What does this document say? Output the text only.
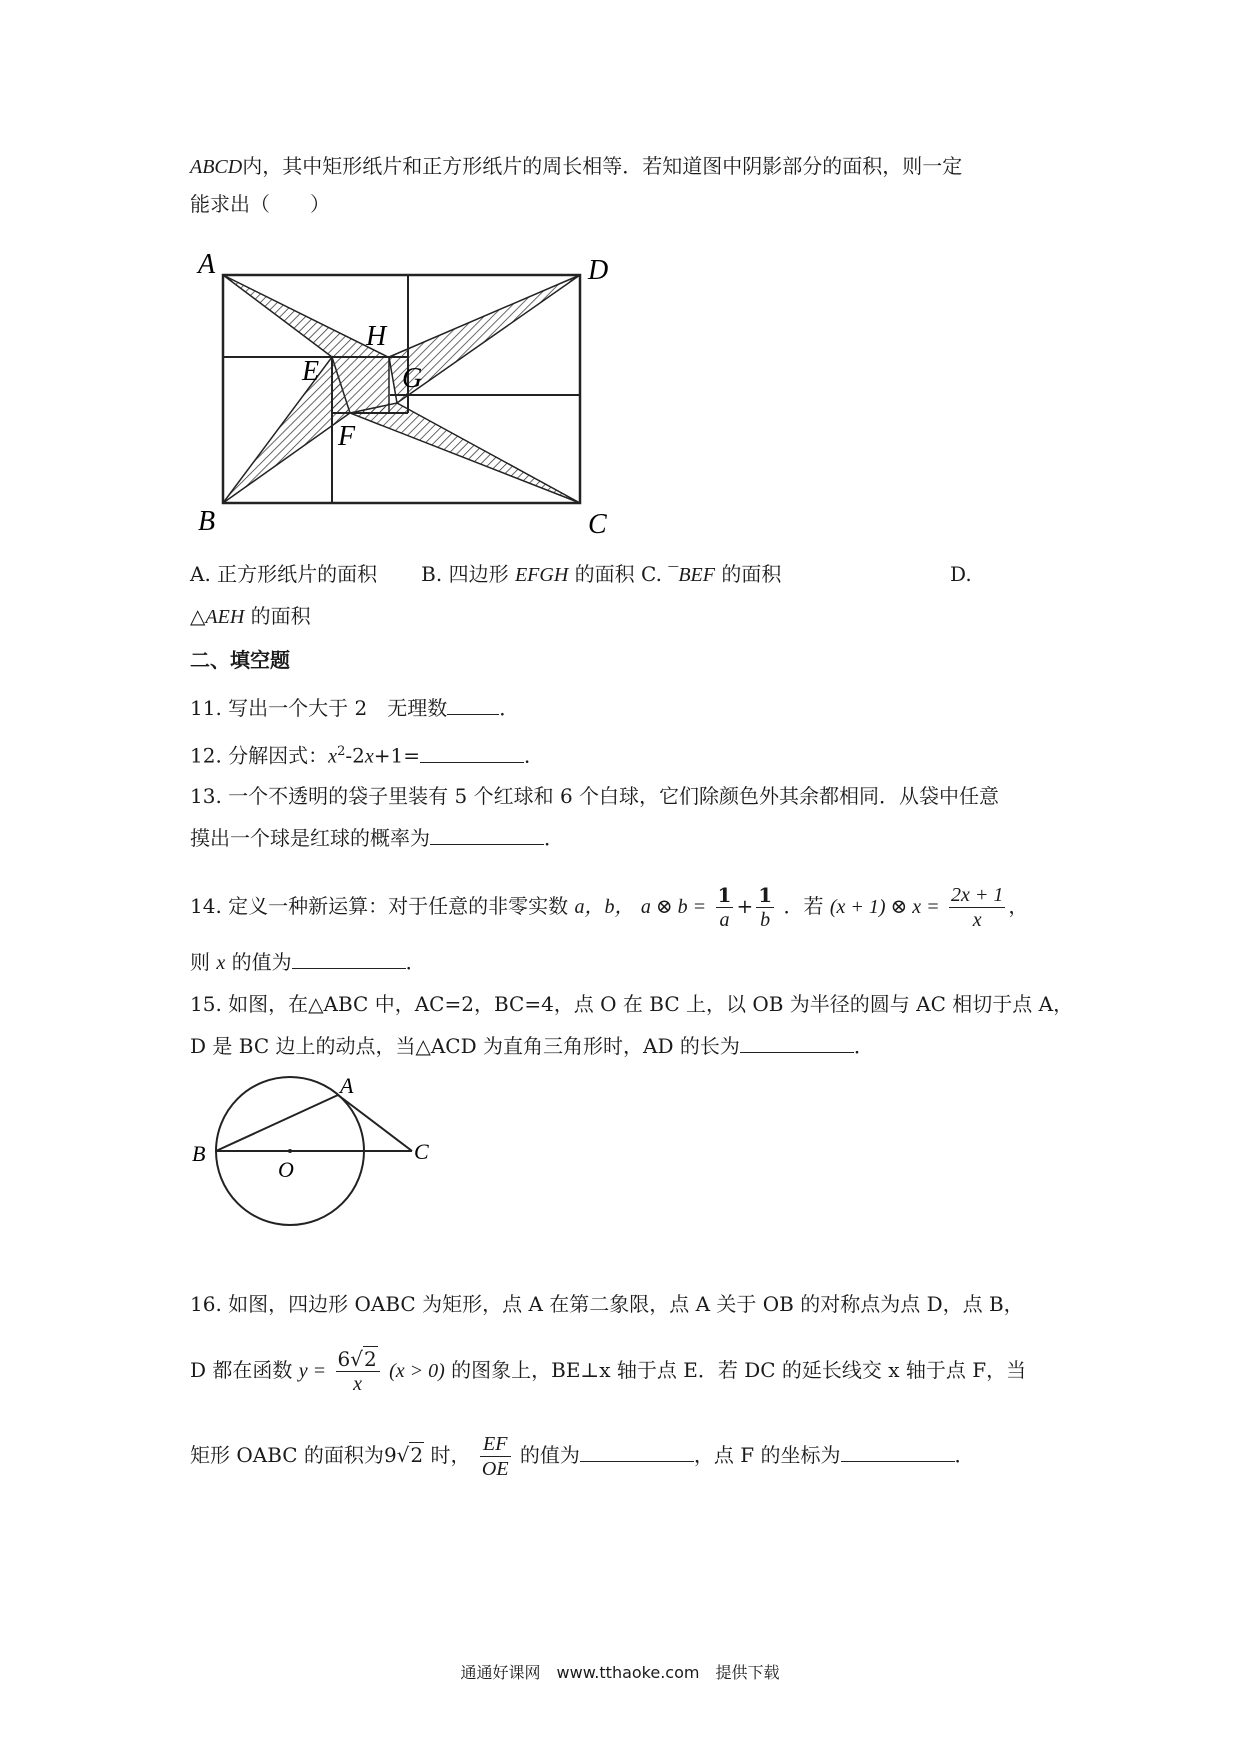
ABCD内，其中矩形纸片和正方形纸片的周长相等．若知道图中阴影部分的面积，则一定
能求出（　　）
A	D
B	C
H
E	G
F
A. 正方形纸片的面积 B. 四边形 EFGH 的面积 C. ‾BEF 的面积	D.
△AEH 的面积
二、填空题
11. 写出一个大于 2　无理数	．
12. 分解因式：$x^2-2x+1=$	．
13. 一个不透明的袋子里装有 5 个红球和 6 个白球，它们除颜色外其余都相同．从袋中任意
摸出一个球是红球的概率为	．
14. 定义一种新运算：对于任意的非零实数 a，b， a ⊗ $b = \frac{1}{a} + \frac{1}{b}$ ．若 (x + 1) ⊗ $x = \frac{2x + 1}{x}$ ，
则 x 的值为	．
15. 如图，在△ABC 中，AC=2，BC=4，点 O 在 BC 上，以 OB 为半径的圆与 AC 相切于点 A，
D 是 BC 边上的动点，当△ACD 为直角三角形时，AD 的长为	．
A
B	C
O
16. 如图，四边形 OABC 为矩形，点 A 在第二象限，点 A 关于 OB 的对称点为点 D，点 B，
D 都在函数 $y = \frac{6√2}{x} (x > 0)$ 的图象上，BE⊥x 轴于点 E．若 DC 的延长线交 x 轴于点 F，当
矩形 OABC 的面积为9√2 时， $\frac{EF}{OE}$ 的值为	，点 F 的坐标为	．
通通好课网　www.tthaoke.com　提供下载
